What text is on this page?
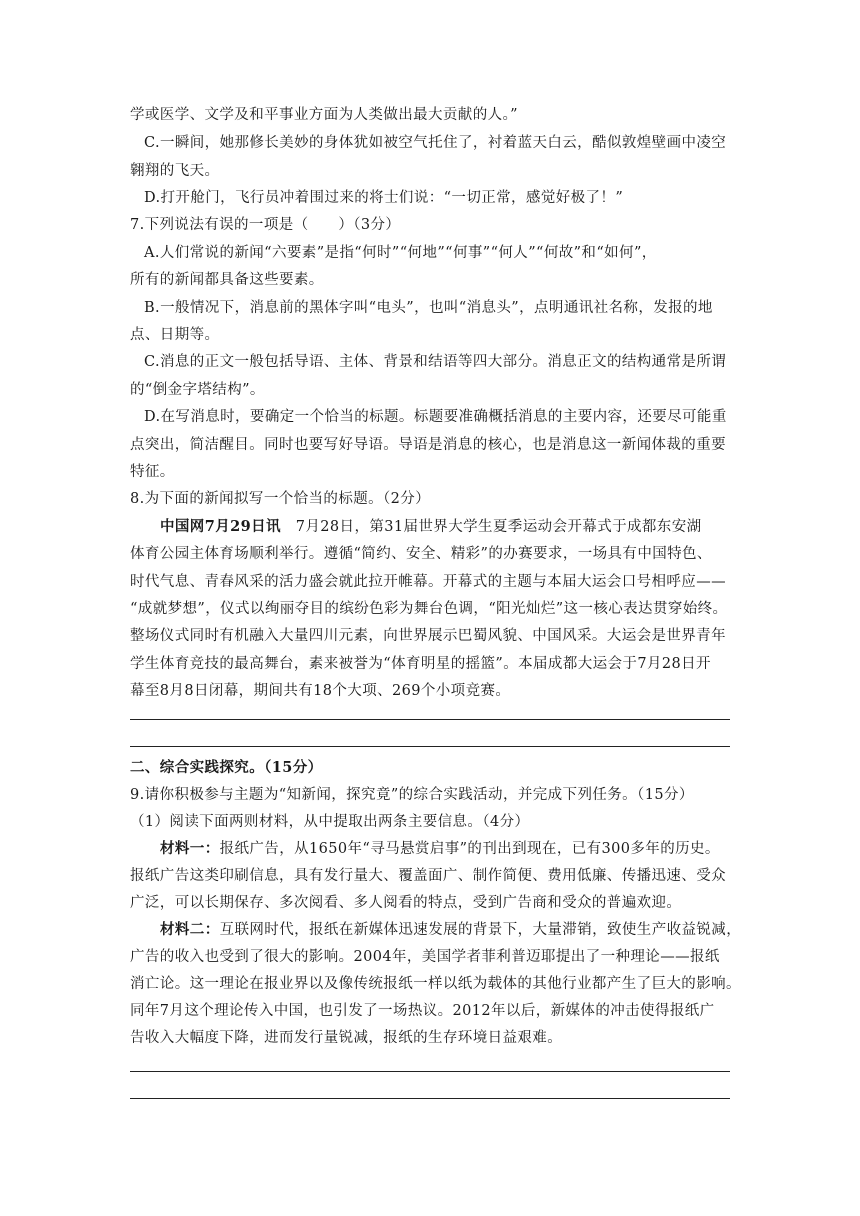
学或医学、文学及和平事业方面为人类做出最大贡献的人。”
C.一瞬间，她那修长美妙的身体犹如被空气托住了，衬着蓝天白云，酷似敦煌壁画中凌空
翱翔的飞天。
D.打开舱门，飞行员冲着围过来的将士们说：“一切正常，感觉好极了！”
7.下列说法有误的一项是（　　）（3分）
A.人们常说的新闻“六要素”是指“何时”“何地”“何事”“何人”“何故”和“如何”，
所有的新闻都具备这些要素。
B.一般情况下，消息前的黑体字叫“电头”，也叫“消息头”，点明通讯社名称，发报的地
点、日期等。
C.消息的正文一般包括导语、主体、背景和结语等四大部分。消息正文的结构通常是所谓
的“倒金字塔结构”。
D.在写消息时，要确定一个恰当的标题。标题要准确概括消息的主要内容，还要尽可能重
点突出，简洁醒目。同时也要写好导语。导语是消息的核心，也是消息这一新闻体裁的重要
特征。
8.为下面的新闻拟写一个恰当的标题。（2分）
中国网7月29日讯　7月28日，第31届世界大学生夏季运动会开幕式于成都东安湖
体育公园主体育场顺利举行。遵循“简约、安全、精彩”的办赛要求，一场具有中国特色、
时代气息、青春风采的活力盛会就此拉开帷幕。开幕式的主题与本届大运会口号相呼应——
“成就梦想”，仪式以绚丽夺目的缤纷色彩为舞台色调，“阳光灿烂”这一核心表达贯穿始终。
整场仪式同时有机融入大量四川元素，向世界展示巴蜀风貌、中国风采。大运会是世界青年
学生体育竞技的最高舞台，素来被誉为“体育明星的摇篮”。本届成都大运会于7月28日开
幕至8月8日闭幕，期间共有18个大项、269个小项竞赛。
二、综合实践探究。（15分）
9.请你积极参与主题为“知新闻，探究竟”的综合实践活动，并完成下列任务。（15分）
（1）阅读下面两则材料，从中提取出两条主要信息。（4分）
材料一：报纸广告，从1650年“寻马悬赏启事”的刊出到现在，已有300多年的历史。
报纸广告这类印刷信息，具有发行量大、覆盖面广、制作简便、费用低廉、传播迅速、受众
广泛，可以长期保存、多次阅看、多人阅看的特点，受到广告商和受众的普遍欢迎。
材料二：互联网时代，报纸在新媒体迅速发展的背景下，大量滞销，致使生产收益锐减，
广告的收入也受到了很大的影响。2004年，美国学者菲利普迈耶提出了一种理论——报纸
消亡论。这一理论在报业界以及像传统报纸一样以纸为载体的其他行业都产生了巨大的影响。
同年7月这个理论传入中国，也引发了一场热议。2012年以后，新媒体的冲击使得报纸广
告收入大幅度下降，进而发行量锐减，报纸的生存环境日益艰难。
